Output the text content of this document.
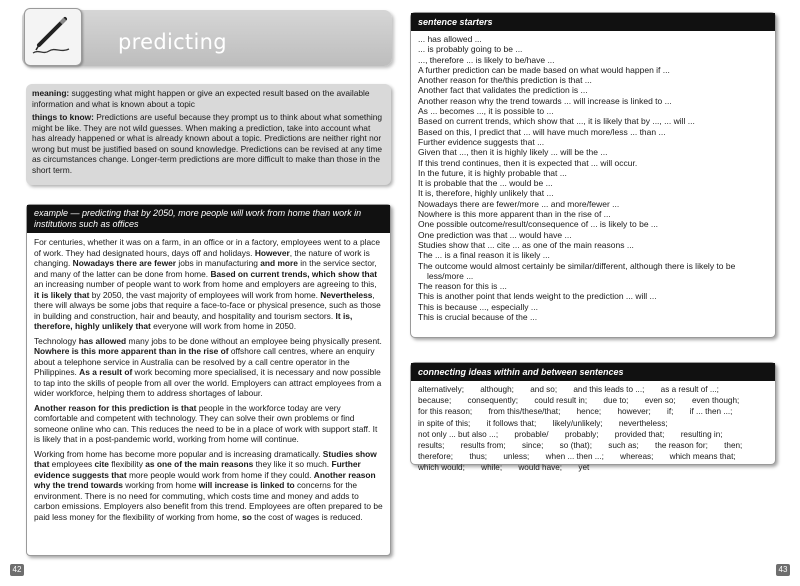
predicting

meaning: suggesting what might happen or give an expected result based on the available information and what is known about a topic

things to know: Predictions are useful because they prompt us to think about what something might be like. They are not wild guesses. When making a prediction, take into account what has already happened or what is already known about a topic. Predictions are neither right nor wrong but must be justified based on sound knowledge. Predictions can be revised at any time as circumstances change. Longer-term predictions are more difficult to make than those in the short term.

example — predicting that by 2050, more people will work from home than work in institutions such as offices

For centuries, whether it was on a farm, in an office or in a factory, employees went to a place of work. They had designated hours, days off and holidays. However, the nature of work is changing. Nowadays there are fewer jobs in manufacturing and more in the service sector, and many of the latter can be done from home. Based on current trends, which show that an increasing number of people want to work from home and employers are agreeing to this, it is likely that by 2050, the vast majority of employees will work from home. Nevertheless, there will always be some jobs that require a face-to-face or physical presence, such as those in building and construction, hair and beauty, and hospitality and tourism sectors. It is, therefore, highly unlikely that everyone will work from home in 2050.

Technology has allowed many jobs to be done without an employee being physically present. Nowhere is this more apparent than in the rise of offshore call centres, where an enquiry about a telephone service in Australia can be resolved by a call centre operator in the Philippines. As a result of work becoming more specialised, it is necessary and now possible to tap into the skills of people from all over the world. Employers can attract employees from a wider workforce, helping them to address shortages of labour.

Another reason for this prediction is that people in the workforce today are very comfortable and competent with technology. They can solve their own problems or find someone online who can. This reduces the need to be in a place of work with support staff. It is likely that in a post-pandemic world, working from home will continue.

Working from home has become more popular and is increasing dramatically. Studies show that employees cite flexibility as one of the main reasons they like it so much. Further evidence suggests that more people would work from home if they could. Another reason why the trend towards working from home will increase is linked to concerns for the environment. There is no need for commuting, which costs time and money and adds to carbon emissions. Employers also benefit from this trend. Employees are often prepared to be paid less money for the flexibility of working from home, so the cost of wages is reduced.

42
sentence starters
... has allowed ...
... is probably going to be ...
..., therefore ... is likely to be/have ...
A further prediction can be made based on what would happen if ...
Another reason for the/this prediction is that ...
Another fact that validates the prediction is ...
Another reason why the trend towards ... will increase is linked to ...
As ... becomes ..., it is possible to ...
Based on current trends, which show that ..., it is likely that by ..., ... will ...
Based on this, I predict that ... will have much more/less ... than ...
Further evidence suggests that ...
Given that ..., then it is highly likely ... will be the ...
If this trend continues, then it is expected that ... will occur.
In the future, it is highly probable that ...
It is probable that the ... would be ...
It is, therefore, highly unlikely that ...
Nowadays there are fewer/more ... and more/fewer ...
Nowhere is this more apparent than in the rise of ...
One possible outcome/result/consequence of ... is likely to be ...
One prediction was that ... would have ...
Studies show that ... cite ... as one of the main reasons ...
The ... is a final reason it is likely ...
The outcome would almost certainly be similar/different, although there is likely to be less/more ...
The reason for this is ...
This is another point that lends weight to the prediction ... will ...
This is because ..., especially ...
This is crucial because of the ...
connecting ideas within and between sentences
alternatively; although; and so; and this leads to ...; as a result of ...; because; consequently; could result in; due to; even so; even though; for this reason; from this/these/that; hence; however; if; if ... then ...; in spite of this; it follows that; likely/unlikely; nevertheless; not only ... but also ...; probable/ probably; provided that; resulting in; results; results from; since; so (that); such as; the reason for; then; therefore; thus; unless; when ... then ...; whereas; which means that; which would; while; would have; yet
43
